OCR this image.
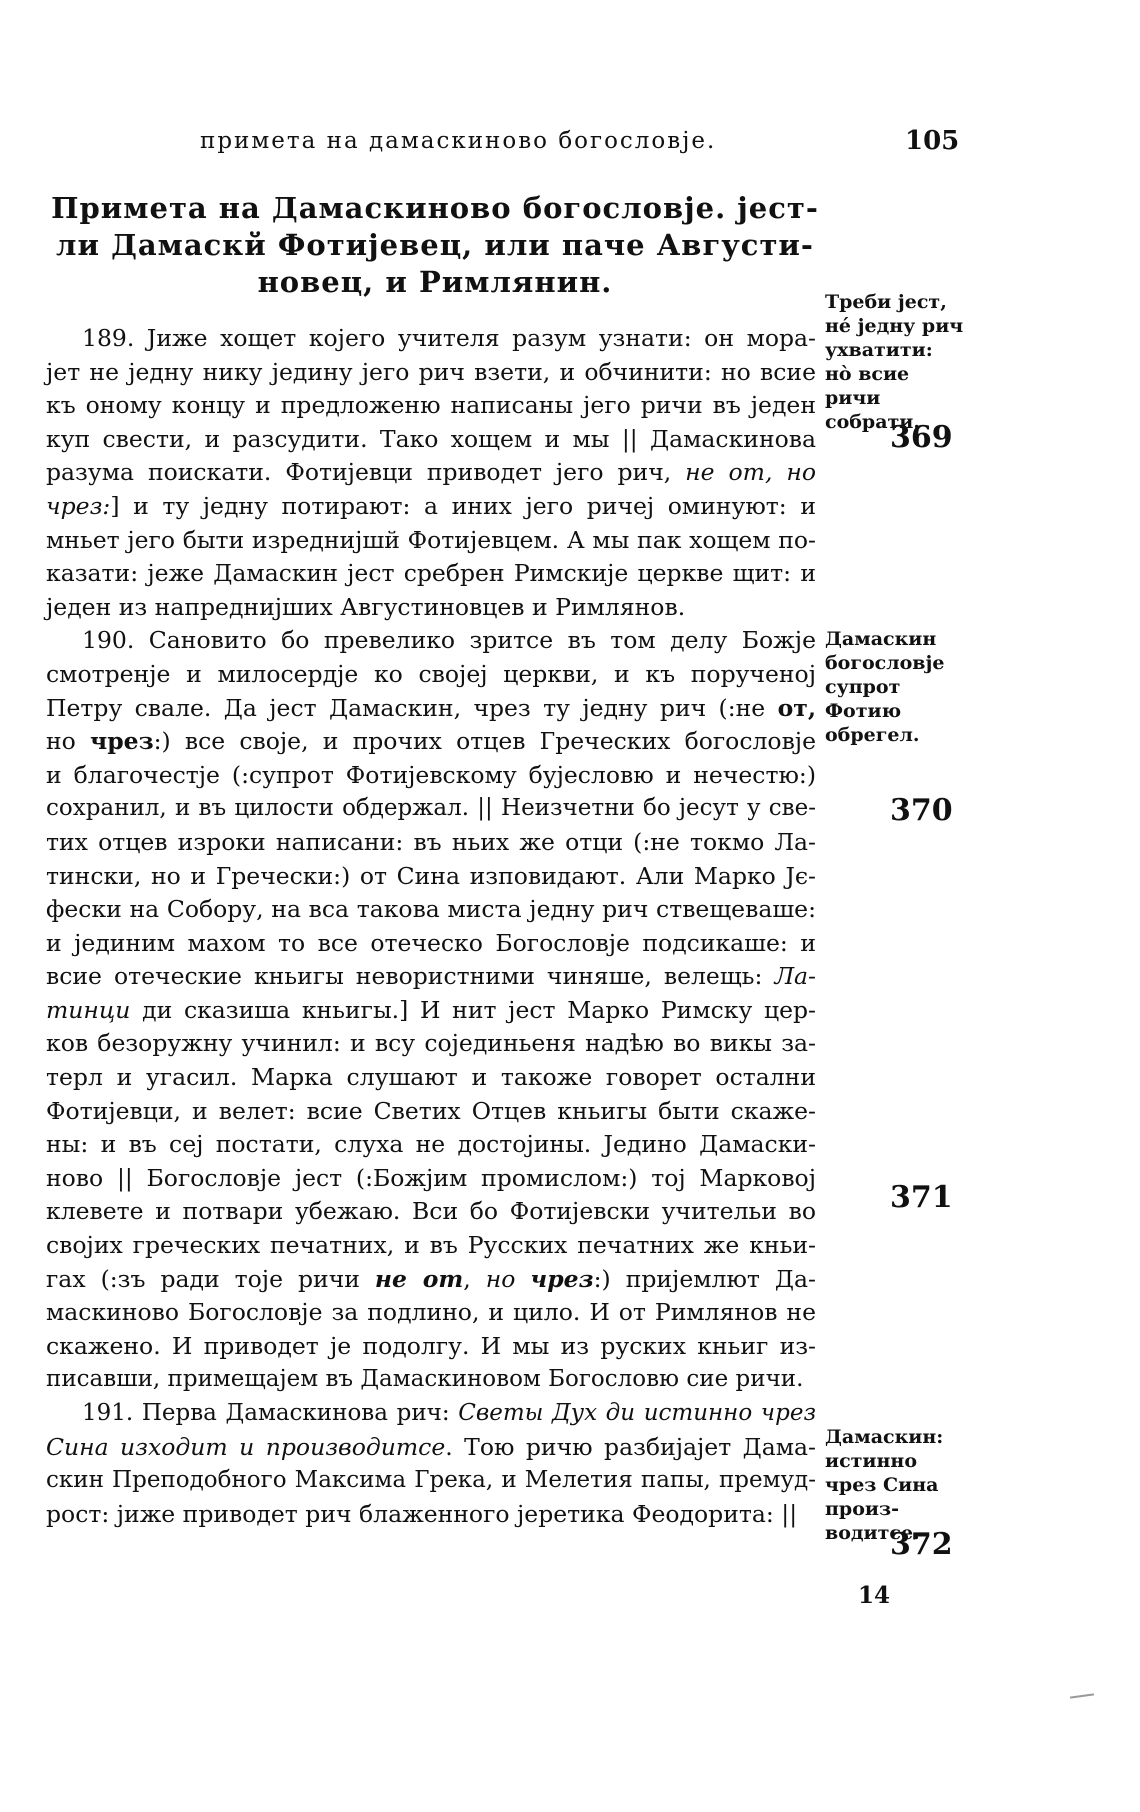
примета на дамаскиново богословје.	105
Примета на Дамаскиново богословје. јест-
ли Дамаскй Фотијевец, или паче Августи-
новец, и Римлянин.
189. Јиже хощет којего учителя разум узнати: он мора-
јет не једну нику једину јего рич взети, и обчинити: но всие
къ оному концу и предложеню написаны јего ричи въ једен
куп свести, и разсудити. Тако хощем и мы || Дамаскинова
разума поискати. Фотијевци приводет јего рич, не от, но
чрез:] и ту једну потирают: а иних јего ричеј оминуют: и
мньет јего быти изреднијшй Фотијевцем. А мы пак хощем по-
казати: јеже Дамаскин јест сребрен Римскије церкве щит: и
једен из напреднијших Августиновцев и Римлянов.
190. Сановито бо превелико зритсе въ том делу Божје
смотренје и милосердје ко својеј церкви, и къ порученој
Петру свале. Да јест Дамаскин, чрез ту једну рич (:не от,
но чрез:) все своје, и прочих отцев Греческих богословје
и благочестје (:супрот Фотијевскому бујесловю и нечестю:)
сохранил, и въ цилости обдержал. || Неизчетни бо јесут у све-
тих отцев изроки написани: въ ньих же отци (:не токмо Ла-
тински, но и Гречески:) от Сина изповидают. Али Марко Јє-
фески на Собору, на вса такова миста једну рич ствещеваше:
и јединим махом то все отеческо Богословје подсикаше: и
всие отеческие кньигы невористними чиняше, велещь: Ла-
тинци ди сказиша кньигы.] И нит јест Марко Римску цер-
ков безоружну учинил: и всу сојединьеня надѣю во викы за-
терл и угасил. Марка слушают и такоже говорет остални
Фотијевци, и велет: всие Светих Отцев кньигы быти скаже-
ны: и въ сеј постати, слуха не достојины. Једино Дамаски-
ново || Богословје јест (:Божјим промислом:) тој Марковој
клевете и потвари убежаю. Вси бо Фотијевски учительи во
својих греческих печатних, и въ Русских печатних же кньи-
гах (:зъ ради тоје ричи не от, но чрез:) пријемлют Да-
маскиново Богословје за подлино, и цило. И от Римлянов не
скажено. И приводет је подолгу. И мы из руских кньиг из-
писавши, примещајем въ Дамаскиновом Богословю сие ричи.
191. Перва Дамаскинова рич: Светы Дух ди истинно чрез
Сина изходит и производитсе. Тою ричю разбијајет Дама-
скин Преподобного Максима Грека, и Мелетия папы, премуд-
рост: јиже приводет рич блаженного јеретика Феодорита: ||
Треби јест, нé једну рич ухватити: нò всие ричи собрати.
369
Дамаскин богословје супрот Фотию обрегел.
370
371
Дамаскин: истинно чрез Сина произ-водитсе.
372
14
